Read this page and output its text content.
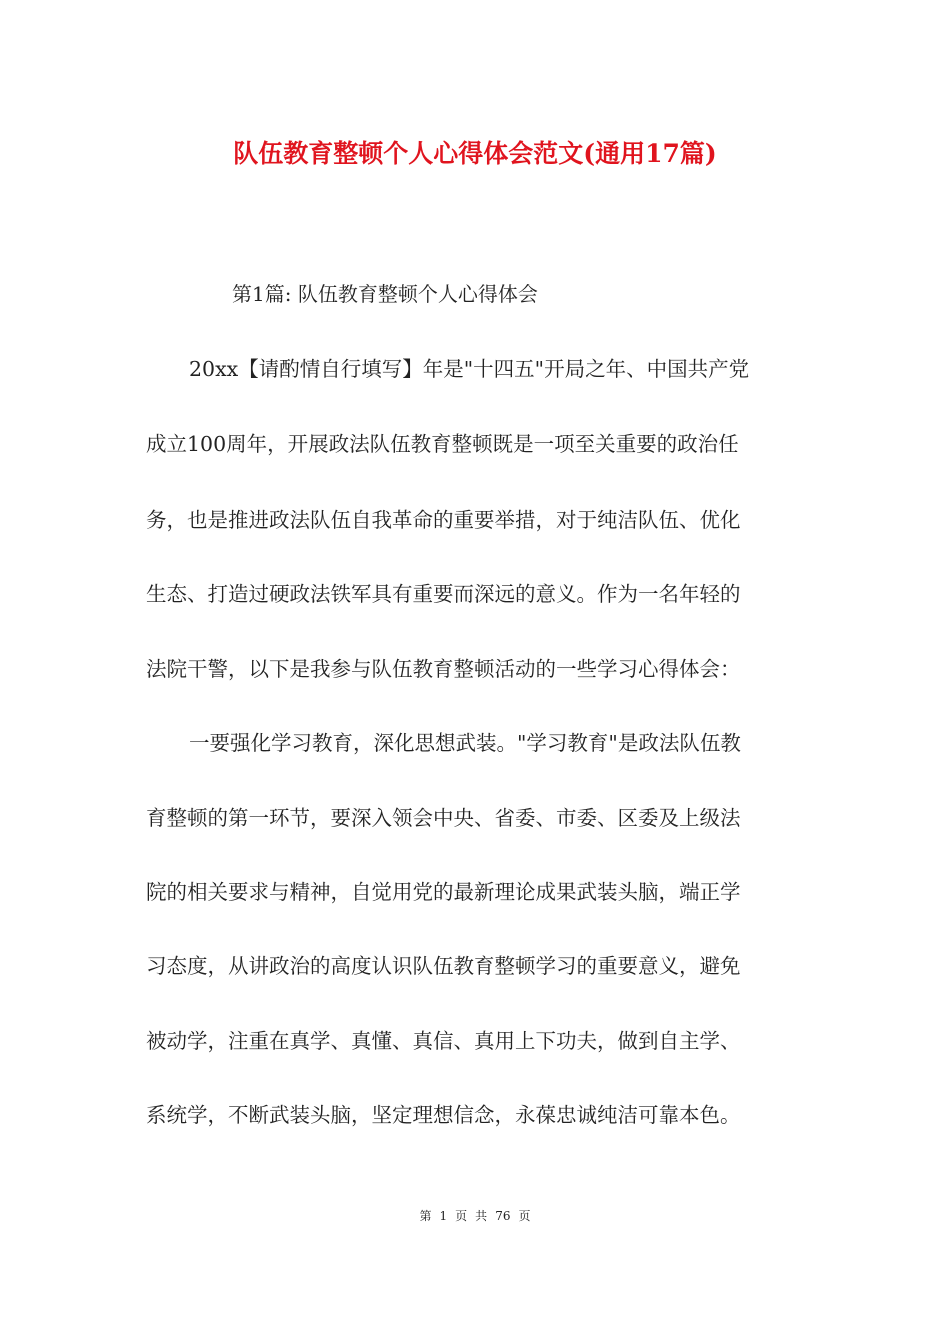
队伍教育整顿个人心得体会范文(通用17篇)
第1篇: 队伍教育整顿个人心得体会
20xx【请酌情自行填写】年是"十四五"开局之年、中国共产党
成立100周年，开展政法队伍教育整顿既是一项至关重要的政治任
务，也是推进政法队伍自我革命的重要举措，对于纯洁队伍、优化
生态、打造过硬政法铁军具有重要而深远的意义。作为一名年轻的
法院干警，以下是我参与队伍教育整顿活动的一些学习心得体会：
一要强化学习教育，深化思想武装。"学习教育"是政法队伍教
育整顿的第一环节，要深入领会中央、省委、市委、区委及上级法
院的相关要求与精神，自觉用党的最新理论成果武装头脑，端正学
习态度，从讲政治的高度认识队伍教育整顿学习的重要意义，避免
被动学，注重在真学、真懂、真信、真用上下功夫，做到自主学、
系统学，不断武装头脑，坚定理想信念，永葆忠诚纯洁可靠本色。
第 1 页 共 76 页
